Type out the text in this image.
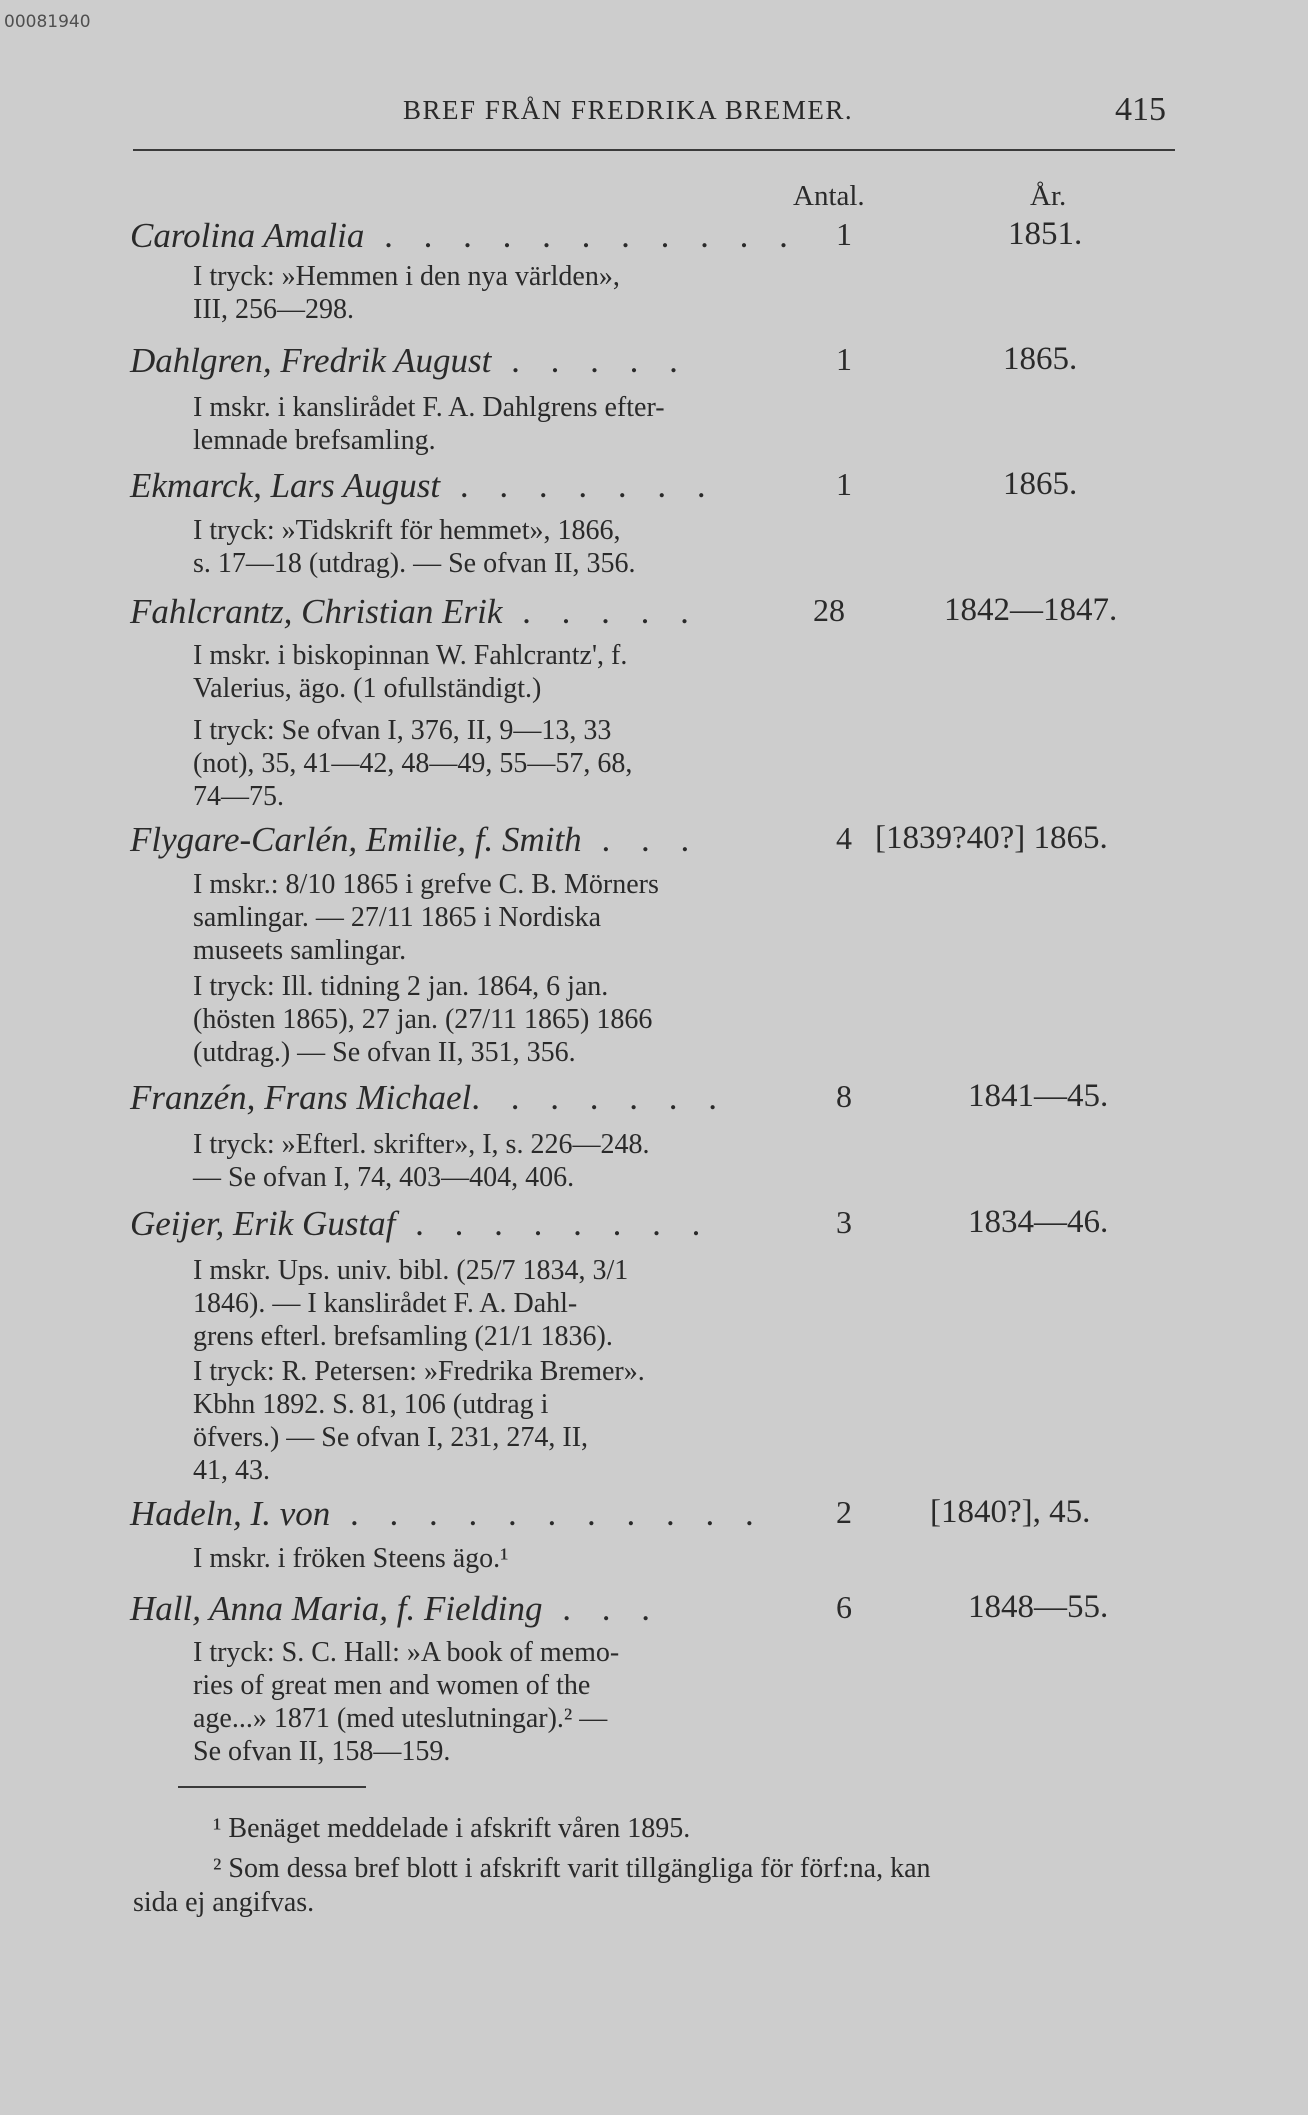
00081940
BREF FRÅN FREDRIKA BREMER.	415
Antal.	År.
Carolina Amalia . . . . . . . . . . . 1	1851.

I tryck: »Hemmen i den nya världen»,
III, 256—298.

Dahlgren, Fredrik August . . . . .	1	1865.

I mskr. i kanslirådet F. A. Dahlgrens efter-
lemnade brefsamling.

Ekmarck, Lars August . . . . . . .	1	1865.

I tryck: »Tidskrift för hemmet», 1866,
s. 17—18 (utdrag). — Se ofvan II, 356.

Fahlcrantz, Christian Erik . . . . .	28	1842—1847.

I mskr. i biskopinnan W. Fahlcrantz', f.
Valerius, ägo. (1 ofullständigt.)

I tryck: Se ofvan I, 376, II, 9—13, 33
(not), 35, 41—42, 48—49, 55—57, 68,
74—75.

Flygare-Carlén, Emilie, f. Smith . . .	4 [1839?40?] 1865.

I mskr.: 8/10 1865 i grefve C. B. Mörners
samlingar. — 27/11 1865 i Nordiska
museets samlingar.

I tryck: Ill. tidning 2 jan. 1864, 6 jan.
(hösten 1865), 27 jan. (27/11 1865) 1866
(utdrag.) — Se ofvan II, 351, 356.

Franzén, Frans Michael. . . . . . .	8	1841—45.

I tryck: »Efterl. skrifter», I, s. 226—248.
— Se ofvan I, 74, 403—404, 406.

Geijer, Erik Gustaf . . . . . . . .	3	1834—46.

I mskr. Ups. univ. bibl. (25/7 1834, 3/1
1846). — I kanslirådet F. A. Dahl-
grens efterl. brefsamling (21/1 1836).

I tryck: R. Petersen: »Fredrika Bremer».
Kbhn 1892. S. 81, 106 (utdrag i
öfvers.) — Se ofvan I, 231, 274, II,
41, 43.

Hadeln, I. von . . . . . . . . . . . 2 [1840?], 45.

I mskr. i fröken Steens ägo.¹

Hall, Anna Maria, f. Fielding . . .	6	1848—55.

I tryck: S. C. Hall: »A book of memo-
ries of great men and women of the
age...» 1871 (med uteslutningar).² —
Se ofvan II, 158—159.

¹ Benäget meddelade i afskrift våren 1895.

² Som dessa bref blott i afskrift varit tillgängliga för förf:na, kan
sida ej angifvas.
